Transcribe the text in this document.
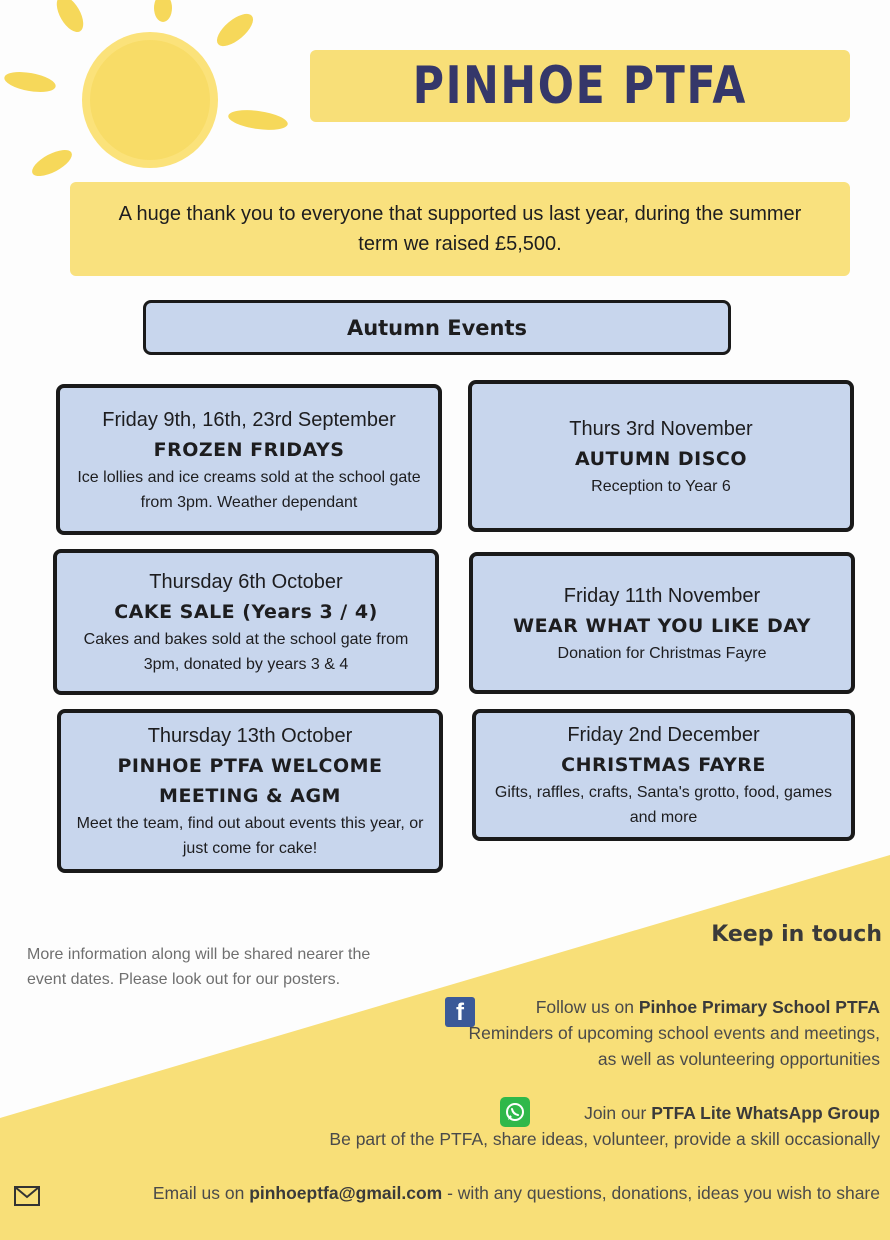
PINHOE PTFA
A huge thank you to everyone that supported us last year, during the summer term we raised £5,500.
Autumn Events
Friday 9th, 16th, 23rd September
FROZEN FRIDAYS
Ice lollies and ice creams sold at the school gate from 3pm. Weather dependant
Thurs 3rd November
AUTUMN DISCO
Reception to Year 6
Thursday 6th October
CAKE SALE (Years 3 / 4)
Cakes and bakes sold at the school gate from 3pm, donated by years 3 & 4
Friday 11th November
WEAR WHAT YOU LIKE DAY
Donation for Christmas Fayre
Thursday 13th October
PINHOE PTFA WELCOME MEETING & AGM
Meet the team, find out about events this year, or just come for cake!
Friday 2nd December
CHRISTMAS FAYRE
Gifts, raffles, crafts, Santa's grotto, food, games and more
More information along will be shared nearer the event dates. Please look out for our posters.
Keep in touch
f	Follow us on Pinhoe Primary School PTFA
Reminders of upcoming school events and meetings,
as well as volunteering opportunities
Join our PTFA Lite WhatsApp Group
Be part of the PTFA, share ideas, volunteer, provide a skill occasionally
Email us on pinhoeptfa@gmail.com - with any questions, donations, ideas you wish to share
